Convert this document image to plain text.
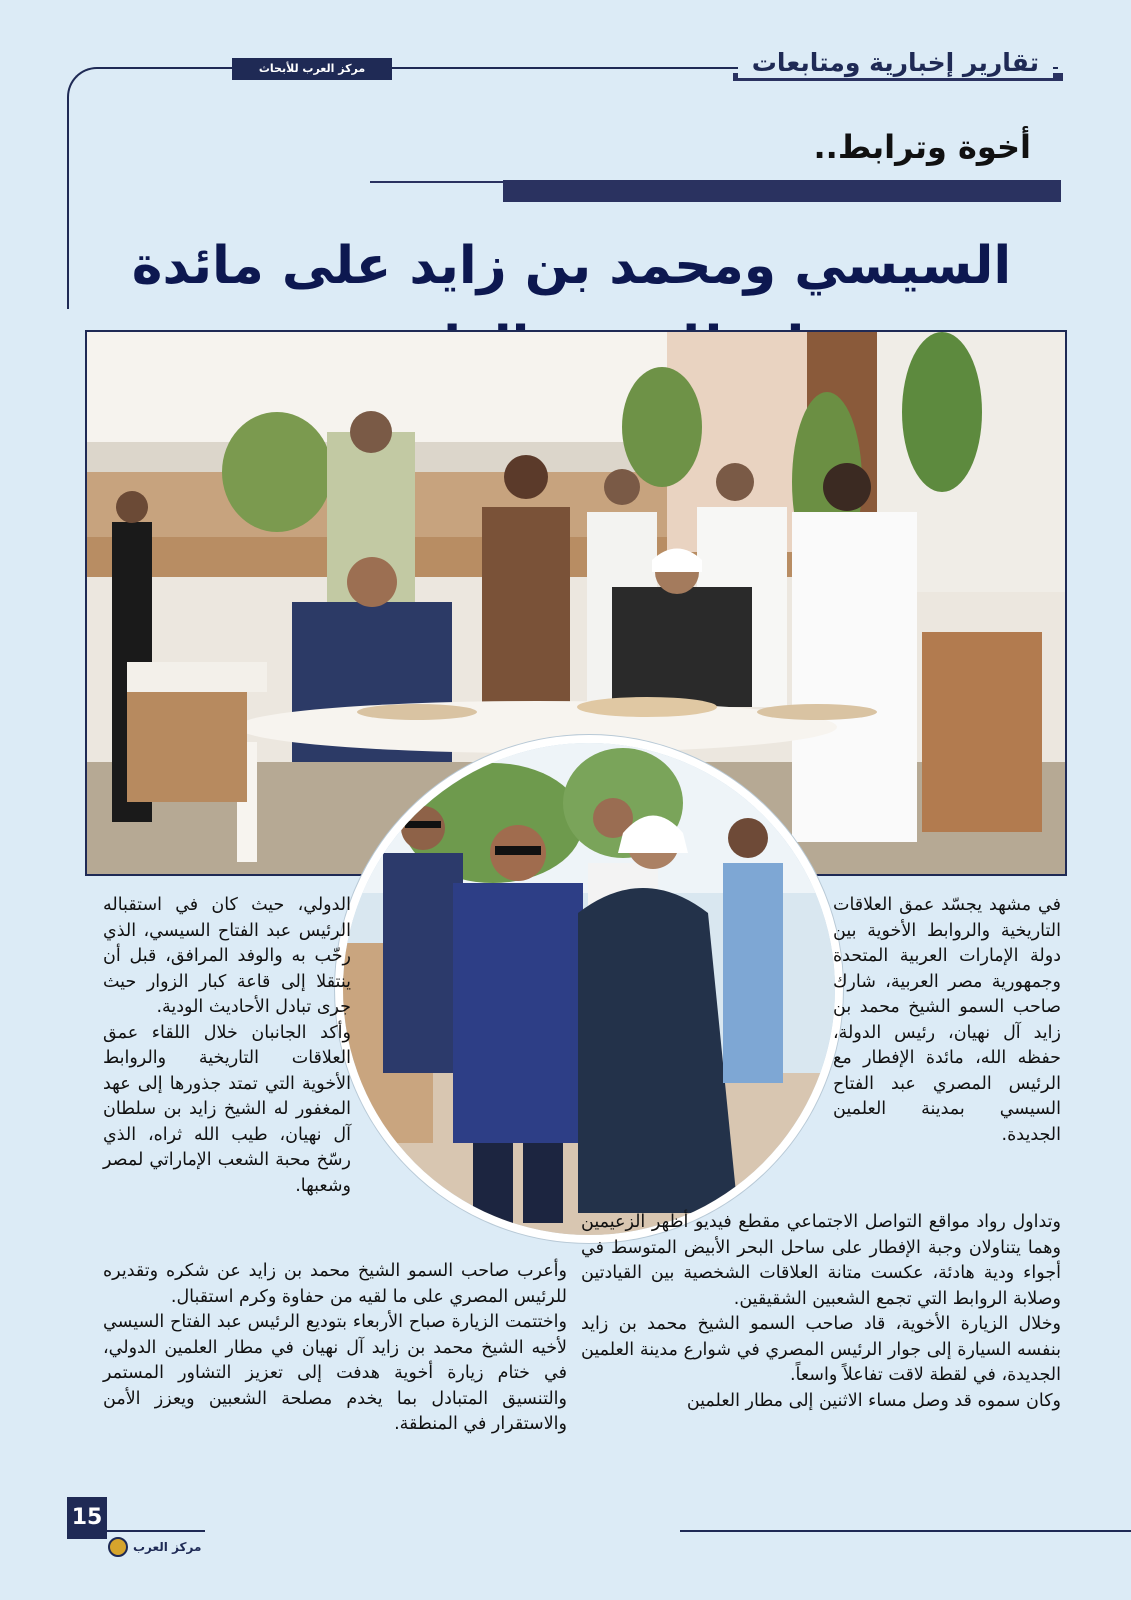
تقارير إخبارية ومتابعات
مركز العرب للأبحاث
أخوة وترابط..
السيسي ومحمد بن زايد على مائدة

في مشهد يجسّد عمق العلاقات التاريخية والروابط الأخوية بين دولة الإمارات العربية المتحدة وجمهورية مصر العربية، شارك صاحب السمو الشيخ محمد بن زايد آل نهيان، رئيس الدولة، حفظه الله، مائدة الإفطار مع الرئيس المصري عبد الفتاح السيسي بمدينة العلمين الجديدة.

الدولي، حيث كان في استقباله الرئيس عبد الفتاح السيسي، الذي رحّب به والوفد المرافق، قبل أن ينتقلا إلى قاعة كبار الزوار حيث جرى تبادل الأحاديث الودية.

وأكد الجانبان خلال اللقاء عمق العلاقات التاريخية والروابط الأخوية التي تمتد جذورها إلى عهد المغفور له الشيخ زايد بن سلطان آل نهيان، طيب الله ثراه، الذي رسّخ محبة الشعب الإماراتي لمصر وشعبها.

وتداول رواد مواقع التواصل الاجتماعي مقطع فيديو أظهر الزعيمين وهما يتناولان وجبة الإفطار على ساحل البحر الأبيض المتوسط في أجواء ودية هادئة، عكست متانة العلاقات الشخصية بين القيادتين وصلابة الروابط التي تجمع الشعبين الشقيقين.

وخلال الزيارة الأخوية، قاد صاحب السمو الشيخ محمد بن زايد بنفسه السيارة إلى جوار الرئيس المصري في شوارع مدينة العلمين الجديدة، في لقطة لاقت تفاعلاً واسعاً.

وكان سموه قد وصل مساء الاثنين إلى مطار العلمين

وأعرب صاحب السمو الشيخ محمد بن زايد عن شكره وتقديره للرئيس المصري على ما لقيه من حفاوة وكرم استقبال.

واختتمت الزيارة صباح الأربعاء بتوديع الرئيس عبد الفتاح السيسي لأخيه الشيخ محمد بن زايد آل نهيان في مطار العلمين الدولي، في ختام زيارة أخوية هدفت إلى تعزيز التشاور المستمر والتنسيق المتبادل بما يخدم مصلحة الشعبين ويعزز الأمن والاستقرار في المنطقة.

15
مركز العرب
